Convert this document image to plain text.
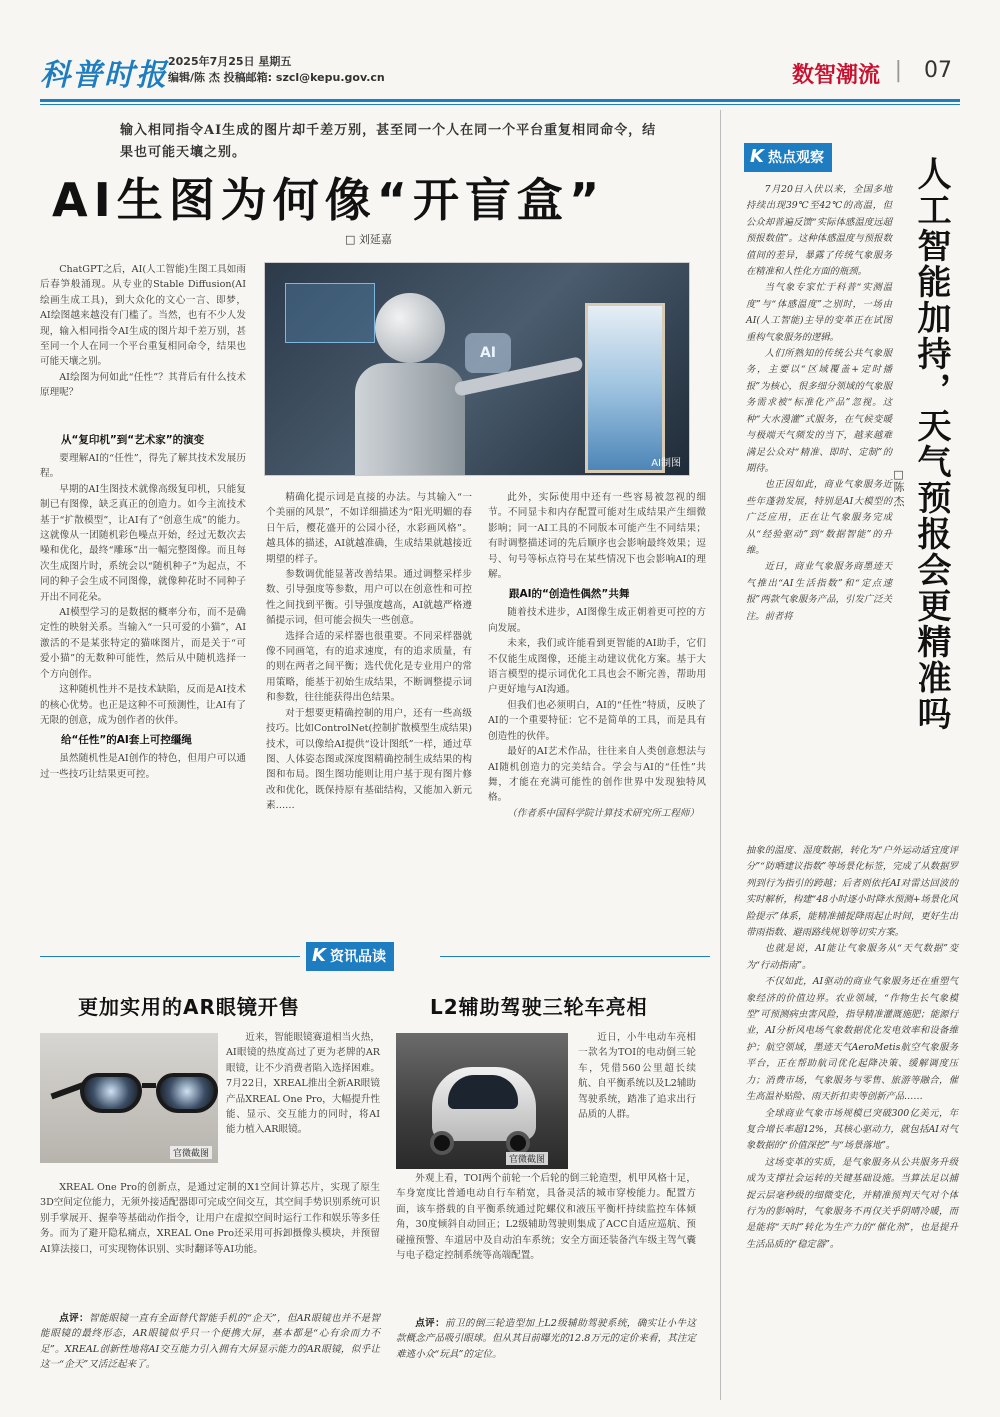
科普时报 2025年7月25日 星期五
编辑/陈 杰 投稿邮箱: szcl@kepu.gov.cn	数智潮流 | 07
输入相同指令AI生成的图片却千差万别，甚至同一个人在同一个平台重复相同命令，结果也可能天壤之别。
AI生图为何像“开盲盒”
□ 刘延嘉
AI
AI制图

ChatGPT之后，AI(人工智能)生图工具如雨后春笋般涌现。从专业的Stable Diffusion(AI绘画生成工具)，到大众化的文心一言、即梦，AI绘图越来越没有门槛了。当然，也有不少人发现，输入相同指令AI生成的图片却千差万别，甚至同一个人在同一个平台重复相同命令，结果也可能天壤之别。

AI绘图为何如此“任性”？其背后有什么技术原理呢？

从“复印机”到“艺术家”的演变

要理解AI的“任性”，得先了解其技术发展历程。

早期的AI生图技术就像高级复印机，只能复制已有图像，缺乏真正的创造力。如今主流技术基于“扩散模型”，让AI有了“创意生成”的能力。这就像从一团随机彩色噪点开始，经过无数次去噪和优化，最终“雕琢”出一幅完整图像。而且每次生成图片时，系统会以“随机种子”为起点，不同的种子会生成不同图像，就像种花时不同种子开出不同花朵。

AI模型学习的是数据的概率分布，而不是确定性的映射关系。当输入“一只可爱的小猫”，AI激活的不是某张特定的猫咪图片，而是关于“可爱小猫”的无数种可能性，然后从中随机选择一个方向创作。

这种随机性并不是技术缺陷，反而是AI技术的核心优势。也正是这种不可预测性，让AI有了无限的创意，成为创作者的伙伴。

给“任性”的AI套上可控缰绳

虽然随机性是AI创作的特色，但用户可以通过一些技巧让结果更可控。

精确化提示词是直接的办法。与其输入“一个美丽的风景”，不如详细描述为“阳光明媚的春日午后，樱花盛开的公园小径，水彩画风格”。越具体的描述，AI就越准确，生成结果就越接近期望的样子。

参数调优能显著改善结果。通过调整采样步数、引导强度等参数，用户可以在创意性和可控性之间找到平衡。引导强度越高，AI就越严格遵循提示词，但可能会损失一些创意。

选择合适的采样器也很重要。不同采样器就像不同画笔，有的追求速度，有的追求质量，有的则在两者之间平衡；选代优化是专业用户的常用策略，能基于初始生成结果，不断调整提示词和参数，往往能获得出色结果。

对于想要更精确控制的用户，还有一些高级技巧。比如ControlNet(控制扩散模型生成结果)技术，可以像给AI提供“设计图纸”一样，通过草图、人体姿态图或深度图精确控制生成结果的构图和布局。图生图功能则让用户基于现有图片修改和优化，既保持原有基础结构，又能加入新元素……

此外，实际使用中还有一些容易被忽视的细节。不同显卡和内存配置可能对生成结果产生细微影响；同一AI工具的不同版本可能产生不同结果；有时调整描述词的先后顺序也会影响最终效果；逗号、句号等标点符号在某些情况下也会影响AI的理解。

跟AI的“创造性偶然”共舞

随着技术进步，AI图像生成正朝着更可控的方向发展。

未来，我们或许能看到更智能的AI助手，它们不仅能生成图像，还能主动建议优化方案。基于大语言模型的提示词优化工具也会不断完善，帮助用户更好地与AI沟通。

但我们也必须明白，AI的“任性”特质，反映了AI的一个重要特征：它不是简单的工具，而是具有创造性的伙伴。

最好的AI艺术作品，往往来自人类创意想法与AI随机创造力的完美结合。学会与AI的“任性”共舞，才能在充满可能性的创作世界中发现独特风格。

（作者系中国科学院计算技术研究所工程师）

K 热点观察	人工智能加持，天气预报会更精准吗
□陈 杰

7月20日入伏以来，全国多地持续出现39℃至42℃的高温，但公众却普遍反馈“实际体感温度远超预报数值”。这种体感温度与预报数值间的差异，暴露了传统气象服务在精准和人性化方面的瓶颈。

当气象专家忙于科普“实测温度”与“体感温度”之别时，一场由AI(人工智能)主导的变革正在试图重构气象服务的逻辑。

人们所熟知的传统公共气象服务，主要以“区域覆盖+定时播报”为核心，很多细分领域的气象服务需求被“标准化产品”忽视。这种“大水漫灌”式服务，在气候变暖与极端天气频发的当下，越来越难满足公众对“精准、即时、定制”的期待。

也正因如此，商业气象服务近些年蓬勃发展，特别是AI大模型的广泛应用，正在让气象服务完成从“经验驱动”到“数据智能”的升维。

近日，商业气象服务商墨迹天气推出“AI生活指数”和“定点速报”两款气象服务产品，引发广泛关注。前者将

抽象的温度、湿度数据，转化为“户外运动适宜度评分”“防晒建议指数”等场景化标签，完成了从数据罗列到行为指引的跨越；后者则依托AI对雷达回波的实时解析，构建“48小时逐小时降水预测+场景化风险提示”体系，能精准捕捉降雨起止时间，更好生出带雨指数、避雨路线规划等切实方案。

也就是说，AI能让气象服务从“天气数据”变为“行动指南”。

不仅如此，AI驱动的商业气象服务还在重塑气象经济的价值边界。农业领域，“作物生长气象模型”可预测病虫害风险，指导精准灌溉施肥；能源行业，AI分析风电场气象数据优化发电效率和设备维护；航空领域，墨迹天气AeroMetis航空气象服务平台，正在帮助航司优化起降决策、缓解调度压力；消费市场，气象服务与零售、旅游等融合，催生高温补贴险、雨天折扣卖等创新产品……

全球商业气象市场规模已突破300亿美元，年复合增长率超12%，其核心驱动力，就包括AI对气象数据的“价值深挖”与“场景落地”。

这场变革的实质，是气象服务从公共服务升级成为支撑社会运转的关键基础设施。当算法足以捕捉云层毫秒级的细微变化，并精准预判天气对个体行为的影响时，气象服务不再仅关乎阴晴冷暖，而是能将“天时”转化为生产力的“催化剂”，也是提升生活品质的“稳定器”。

K 资讯品读
更加实用的AR眼镜开售	L2辅助驾驶三轮车亮相
官微截图
官微截图

近来，智能眼镜赛道相当火热，AI眼镜的热度高过了更为老牌的AR眼镜，让不少消费者陷入选择困难。7月22日，XREAL推出全新AR眼镜产品XREAL One Pro，大幅提升性能、显示、交互能力的同时，将AI能力植入AR眼镜。

XREAL One Pro的创新点，是通过定制的X1空间计算芯片，实现了原生3D空间定位能力，无须外接适配器即可完成空间交互，其空间手势识别系统可识别手掌展开、握拳等基础动作指令，让用户在虚拟空间时运行工作和娱乐等多任务。而为了避开隐私痛点，XREAL One Pro还采用可拆卸摄像头模块，并预留AI算法接口，可实现物体识别、实时翻译等AI功能。

点评：智能眼镜一直有全面替代智能手机的“企天”，但AR眼镜也并不是智能眼镜的最终形态，AR眼镜似乎只一个便携大屏，基本都是“心有余而力不足”。XREAL创新性地将AI交互能力引入拥有大屏显示能力的AR眼镜，似乎让这一“企天”又活泛起来了。

近日，小牛电动车亮相一款名为TOI的电动倒三轮车，凭借560公里超长续航、自平衡系统以及L2辅助驾驶系统，踏准了追求出行品质的人群。

外观上看，TOI两个前轮一个后轮的倒三轮造型，机甲风格十足，车身宽度比普通电动自行车稍宽，具备灵活的城市穿梭能力。配置方面，该车搭载的自平衡系统通过陀螺仪和液压平衡杆持续监控车体倾角，30度倾斜自动回正；L2级辅助驾驶则集成了ACC自适应巡航、预碰撞预警、车道居中及自动泊车系统；安全方面还装备汽车级主驾气囊与电子稳定控制系统等高端配置。

点评：前卫的倒三轮造型加上L2级辅助驾驶系统，确实让小牛这款概念产品吸引眼球。但从其目前曝光的12.8万元的定价来看，其注定难逃小众“玩具”的定位。
